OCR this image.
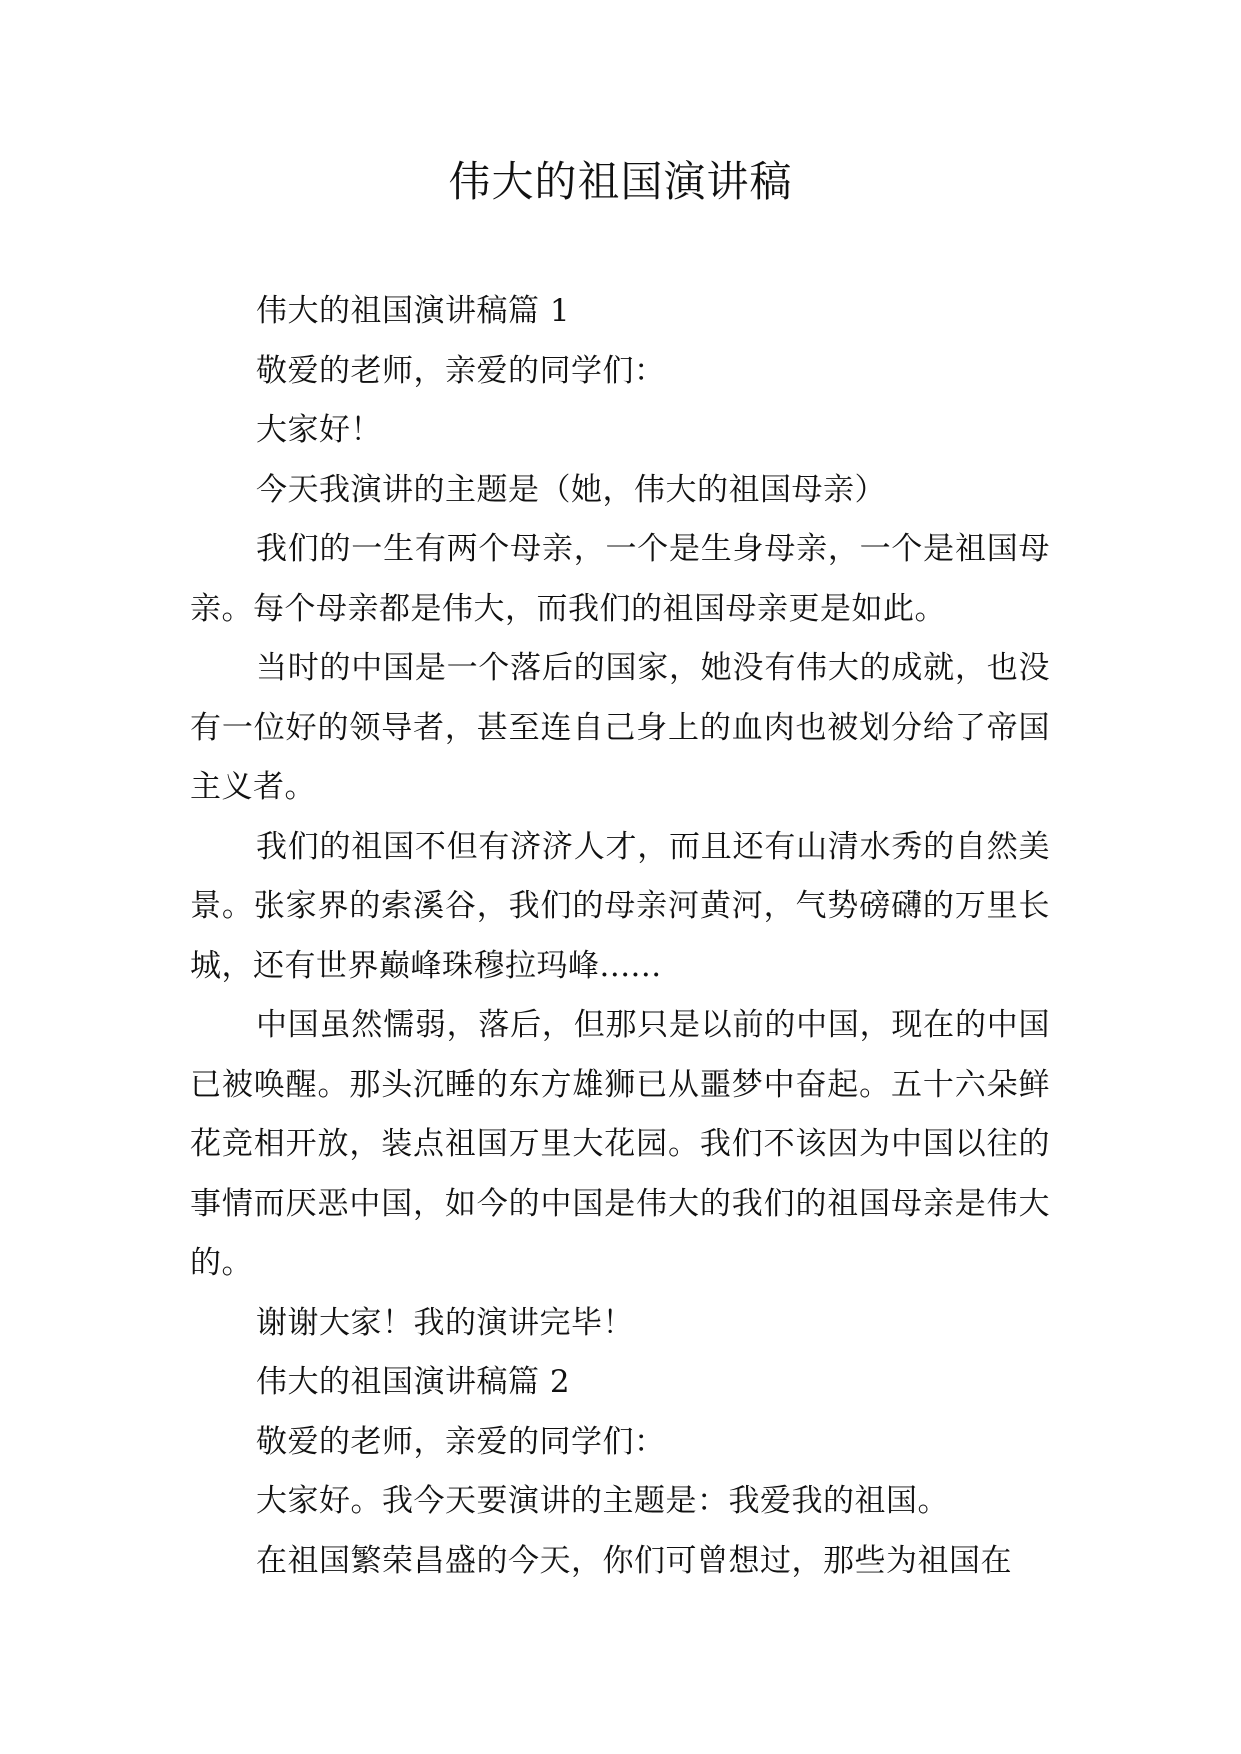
伟大的祖国演讲稿

伟大的祖国演讲稿篇 1

敬爱的老师，亲爱的同学们：

大家好！

今天我演讲的主题是（她，伟大的祖国母亲）

我们的一生有两个母亲，一个是生身母亲，一个是祖国母亲。每个母亲都是伟大，而我们的祖国母亲更是如此。

当时的中国是一个落后的国家，她没有伟大的成就，也没有一位好的领导者，甚至连自己身上的血肉也被划分给了帝国主义者。

我们的祖国不但有济济人才，而且还有山清水秀的自然美景。张家界的索溪谷，我们的母亲河黄河，气势磅礴的万里长城，还有世界巅峰珠穆拉玛峰......

中国虽然懦弱，落后，但那只是以前的中国，现在的中国已被唤醒。那头沉睡的东方雄狮已从噩梦中奋起。五十六朵鲜花竞相开放，装点祖国万里大花园。我们不该因为中国以往的事情而厌恶中国，如今的中国是伟大的我们的祖国母亲是伟大的。

谢谢大家！我的演讲完毕！

伟大的祖国演讲稿篇 2

敬爱的老师，亲爱的同学们：

大家好。我今天要演讲的主题是：我爱我的祖国。

在祖国繁荣昌盛的今天，你们可曾想过，那些为祖国在
